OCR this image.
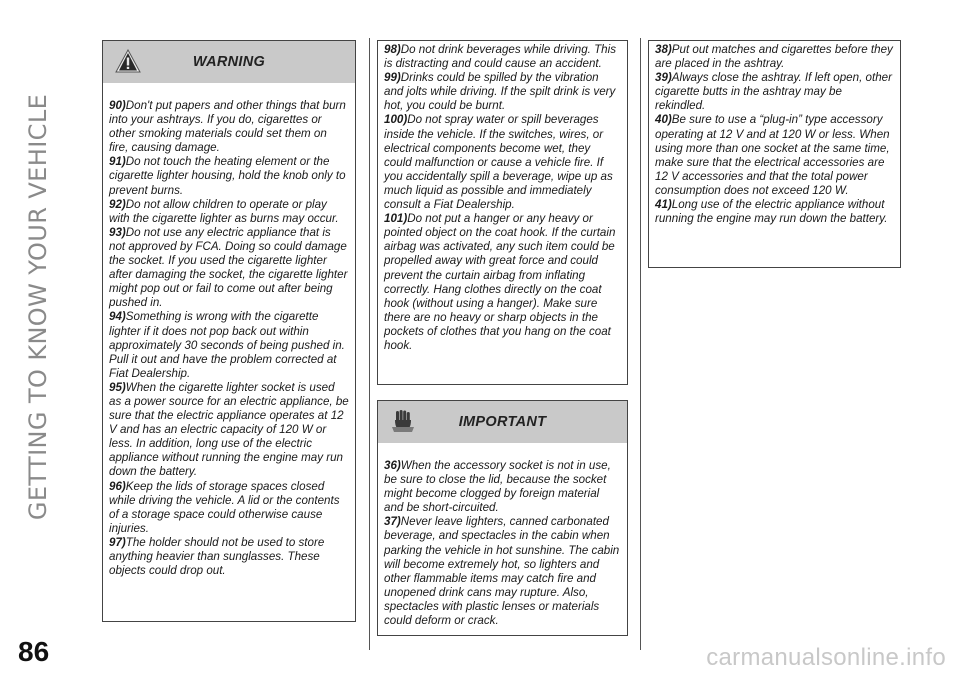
GETTING TO KNOW YOUR VEHICLE
86	carmanualsonline.info
WARNING
90)Don't put papers and other things that burn into your ashtrays. If you do, cigarettes or other smoking materials could set them on fire, causing damage.
91)Do not touch the heating element or the cigarette lighter housing, hold the knob only to prevent burns.
92)Do not allow children to operate or play with the cigarette lighter as burns may occur.
93)Do not use any electric appliance that is not approved by FCA. Doing so could damage the socket. If you used the cigarette lighter after damaging the socket, the cigarette lighter might pop out or fail to come out after being pushed in.
94)Something is wrong with the cigarette lighter if it does not pop back out within approximately 30 seconds of being pushed in. Pull it out and have the problem corrected at Fiat Dealership.
95)When the cigarette lighter socket is used as a power source for an electric appliance, be sure that the electric appliance operates at 12 V and has an electric capacity of 120 W or less. In addition, long use of the electric appliance without running the engine may run down the battery.
96)Keep the lids of storage spaces closed while driving the vehicle. A lid or the contents of a storage space could otherwise cause injuries.
97)The holder should not be used to store anything heavier than sunglasses. These objects could drop out.
98)Do not drink beverages while driving. This is distracting and could cause an accident.
99)Drinks could be spilled by the vibration and jolts while driving. If the spilt drink is very hot, you could be burnt.
100)Do not spray water or spill beverages inside the vehicle. If the switches, wires, or electrical components become wet, they could malfunction or cause a vehicle fire. If you accidentally spill a beverage, wipe up as much liquid as possible and immediately consult a Fiat Dealership.
101)Do not put a hanger or any heavy or pointed object on the coat hook. If the curtain airbag was activated, any such item could be propelled away with great force and could prevent the curtain airbag from inflating correctly. Hang clothes directly on the coat hook (without using a hanger). Make sure there are no heavy or sharp objects in the pockets of clothes that you hang on the coat hook.
IMPORTANT
36)When the accessory socket is not in use, be sure to close the lid, because the socket might become clogged by foreign material and be short-circuited.
37)Never leave lighters, canned carbonated beverage, and spectacles in the cabin when parking the vehicle in hot sunshine. The cabin will become extremely hot, so lighters and other flammable items may catch fire and unopened drink cans may rupture. Also, spectacles with plastic lenses or materials could deform or crack.
38)Put out matches and cigarettes before they are placed in the ashtray.
39)Always close the ashtray. If left open, other cigarette butts in the ashtray may be rekindled.
40)Be sure to use a “plug-in” type accessory operating at 12 V and at 120 W or less. When using more than one socket at the same time, make sure that the electrical accessories are 12 V accessories and that the total power consumption does not exceed 120 W.
41)Long use of the electric appliance without running the engine may run down the battery.
